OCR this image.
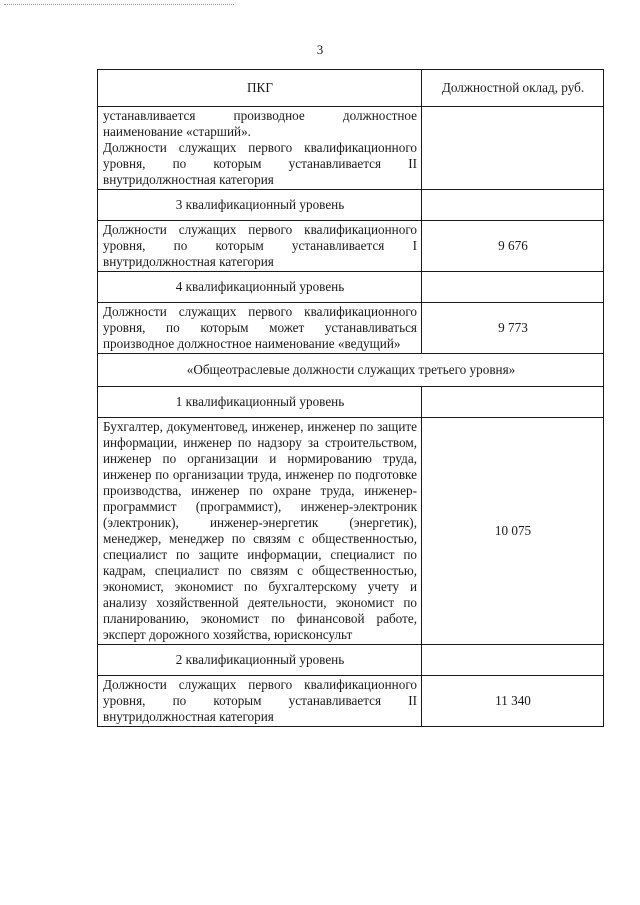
3
ПКГ	Должностной оклад, руб.

устанавливается производное должностное наименование «старший».
Должности служащих первого квалификационного уровня, по которым устанавливается II внутридолжностная категория	

3 квалификационный уровень	
Должности служащих первого квалификационного уровня, по которым устанавливается I внутридолжностная категория	9 676
4 квалификационный уровень	
Должности служащих первого квалификационного уровня, по которым может устанавливаться производное должностное наименование «ведущий»	9 773
«Общеотраслевые должности служащих третьего уровня»	
1 квалификационный уровень	
Бухгалтер, документовед, инженер, инженер по защите информации, инженер по надзору за строительством, инженер по организации и нормированию труда, инженер по организации труда, инженер по подготовке производства, инженер по охране труда, инженер-программист (программист), инженер-электроник (электроник), инженер-энергетик (энергетик), менеджер, менеджер по связям с общественностью, специалист по защите информации, специалист по кадрам, специалист по связям с общественностью, экономист, экономист по бухгалтерскому учету и анализу хозяйственной деятельности, экономист по планированию, экономист по финансовой работе, эксперт дорожного хозяйства, юрисконсульт	10 075
2 квалификационный уровень	
Должности служащих первого квалификационного уровня, по которым устанавливается II внутридолжностная категория	11 340
